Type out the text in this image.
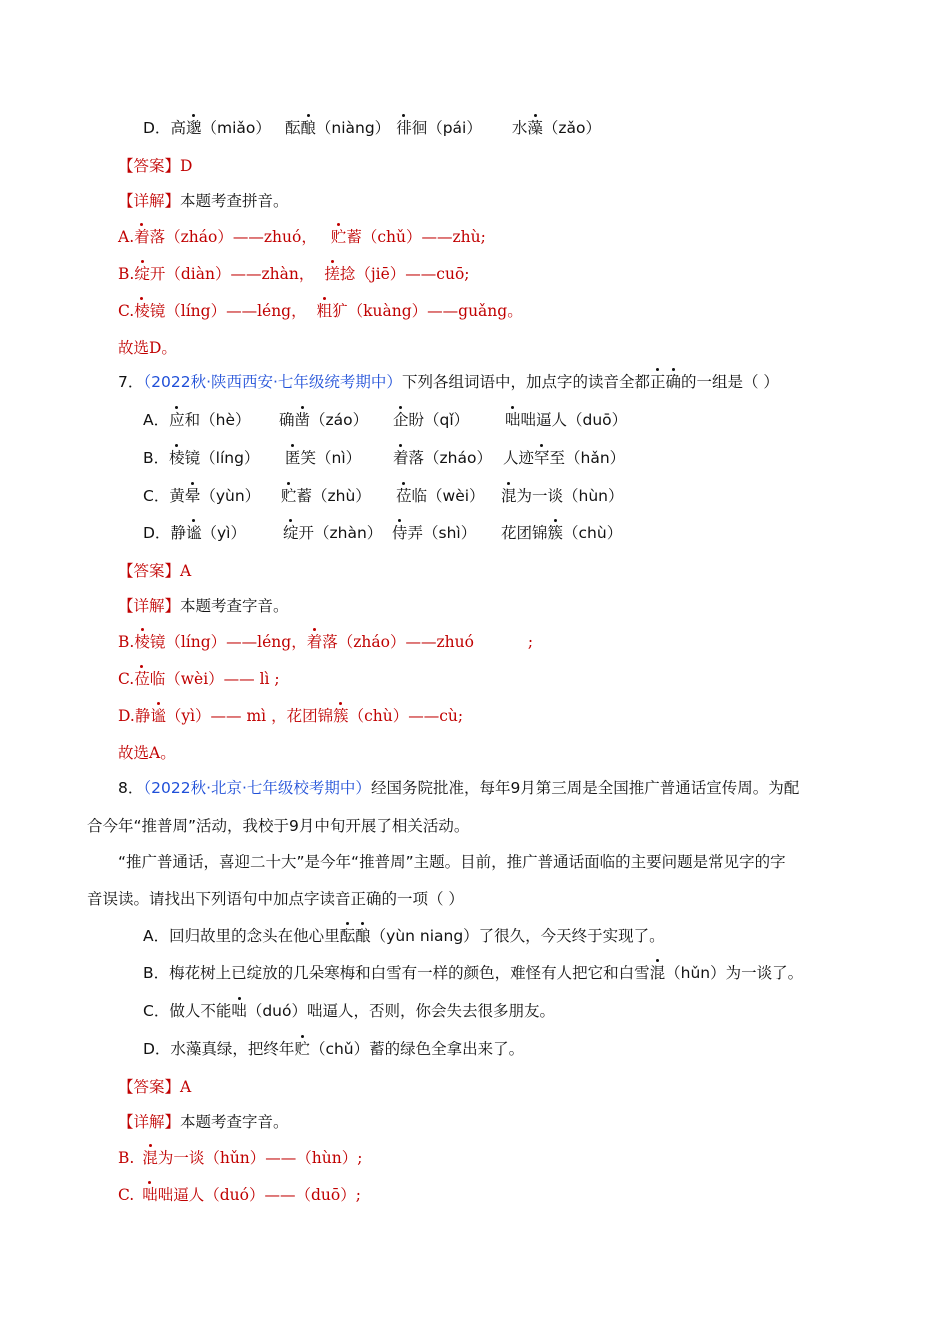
D．高邈（miǎo） 酝酿（niàng） 徘徊（pái） 水藻（zǎo）
【答案】D
【详解】本题考查拼音。
A.着落（zháo）——zhuó， 贮蓄（chǔ）——zhù;
B.绽开（diàn）——zhàn， 搓捻（jiē）——cuō;
C.棱镜（líng）——léng， 粗犷（kuàng）——guǎng。
故选D。
7．（2022秋·陕西西安·七年级统考期中）下列各组词语中，加点字的读音全都正确的一组是（ ）
A．应和（hè） 确凿（záo） 企盼（qǐ） 咄咄逼人（duō）
B．棱镜（líng） 匿笑（nì） 着落（zháo） 人迹罕至（hǎn）
C．黄晕（yùn） 贮蓄（zhù） 莅临（wèi） 混为一谈（hùn）
D．静谧（yì） 绽开（zhàn） 侍弄（shì） 花团锦簇（chù）
【答案】A
【详解】本题考查字音。
B.棱镜（líng）——léng，着落（zháo）——zhuó	;
C.莅临（wèi）—— lì ;
D.静谧（yì）—— mì ，花团锦簇（chù）——cù;
故选A。
8．（2022秋·北京·七年级校考期中）经国务院批准，每年9月第三周是全国推广普通话宣传周。为配
合今年“推普周”活动，我校于9月中旬开展了相关活动。
“推广普通话，喜迎二十大”是今年“推普周”主题。目前，推广普通话面临的主要问题是常见字的字
音误读。请找出下列语句中加点字读音正确的一项（ ）
A．回归故里的念头在他心里酝酿（yùn niang）了很久，今天终于实现了。
B．梅花树上已绽放的几朵寒梅和白雪有一样的颜色，难怪有人把它和白雪混（hǔn）为一谈了。
C．做人不能咄（duó）咄逼人，否则，你会失去很多朋友。
D．水藻真绿，把终年贮（chǔ）蓄的绿色全拿出来了。
【答案】A
【详解】本题考查字音。
B. 混为一谈（hǔn）——（hùn）;
C. 咄咄逼人（duó）——（duō）;
